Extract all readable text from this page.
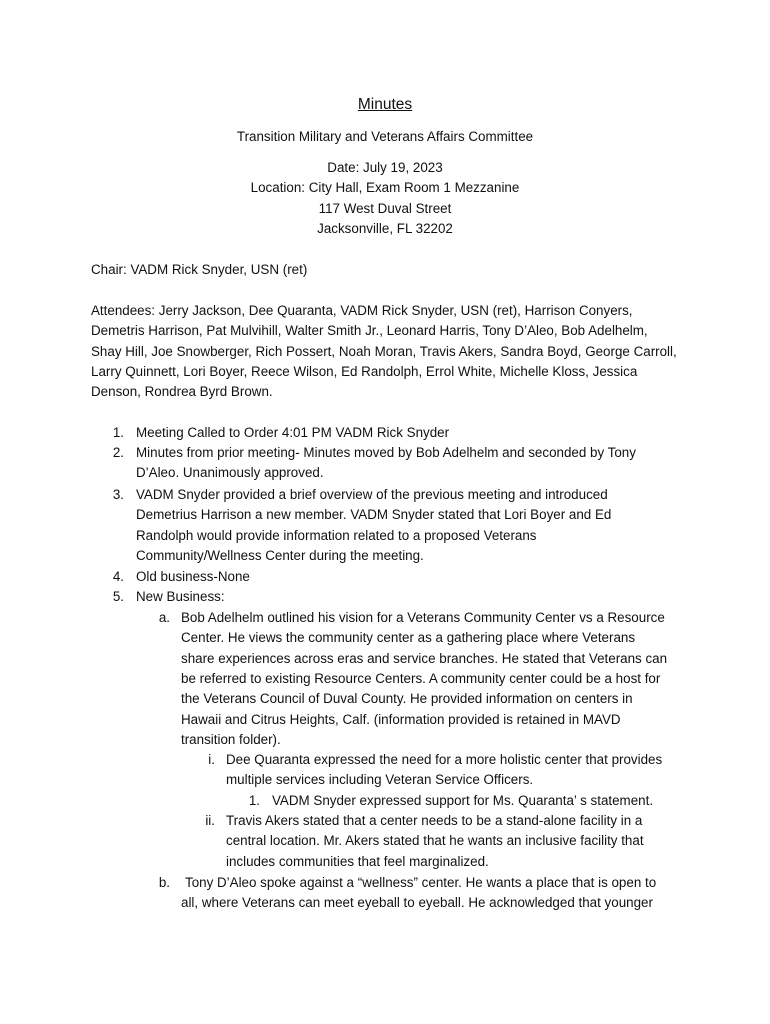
Minutes
Transition Military and Veterans Affairs Committee
Date: July 19, 2023
Location: City Hall, Exam Room 1 Mezzanine
117 West Duval Street
Jacksonville, FL 32202
Chair: VADM Rick Snyder, USN (ret)
Attendees: Jerry Jackson, Dee Quaranta, VADM Rick Snyder, USN (ret), Harrison Conyers,
Demetris Harrison, Pat Mulvihill, Walter Smith Jr., Leonard Harris, Tony D’Aleo, Bob Adelhelm,
Shay Hill, Joe Snowberger, Rich Possert, Noah Moran, Travis Akers, Sandra Boyd, George Carroll,
Larry Quinnett, Lori Boyer, Reece Wilson, Ed Randolph, Errol White, Michelle Kloss, Jessica
Denson, Rondrea Byrd Brown.
1. Meeting Called to Order 4:01 PM VADM Rick Snyder
2. Minutes from prior meeting- Minutes moved by Bob Adelhelm and seconded by Tony
D’Aleo. Unanimously approved.
3. VADM Snyder provided a brief overview of the previous meeting and introduced
Demetrius Harrison a new member. VADM Snyder stated that Lori Boyer and Ed
Randolph would provide information related to a proposed Veterans
Community/Wellness Center during the meeting.
4. Old business-None
5. New Business:
a. Bob Adelhelm outlined his vision for a Veterans Community Center vs a Resource
Center. He views the community center as a gathering place where Veterans
share experiences across eras and service branches. He stated that Veterans can
be referred to existing Resource Centers. A community center could be a host for
the Veterans Council of Duval County. He provided information on centers in
Hawaii and Citrus Heights, Calf. (information provided is retained in MAVD
transition folder).
i. Dee Quaranta expressed the need for a more holistic center that provides
multiple services including Veteran Service Officers.
1. VADM Snyder expressed support for Ms. Quaranta’ s statement.
ii. Travis Akers stated that a center needs to be a stand-alone facility in a
central location. Mr. Akers stated that he wants an inclusive facility that
includes communities that feel marginalized.
b. Tony D’Aleo spoke against a “wellness” center. He wants a place that is open to
all, where Veterans can meet eyeball to eyeball. He acknowledged that younger
